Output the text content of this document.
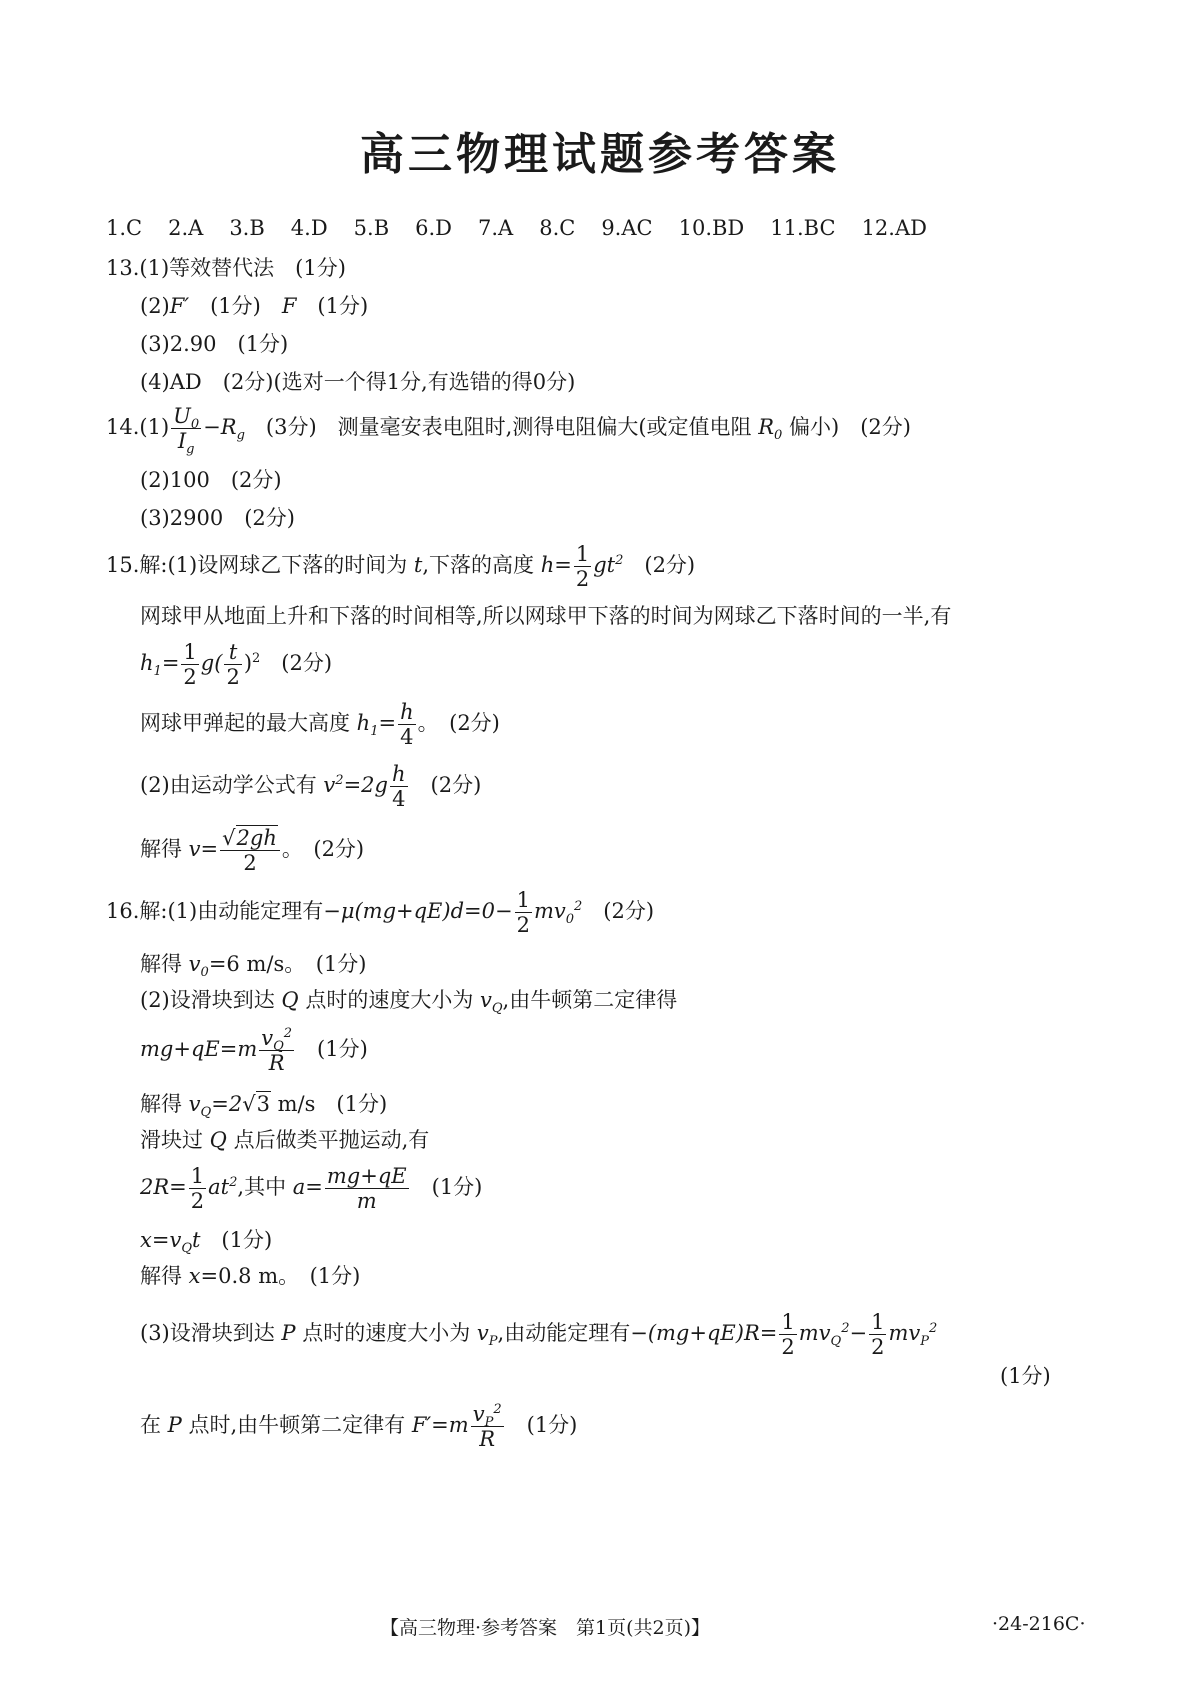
高三物理试题参考答案
1.C 2.A 3.B 4.D 5.B 6.D 7.A 8.C 9.AC 10.BD 11.BC 12.AD
13.(1)等效替代法　(1分)
(2)F′　(1分)　F　(1分)
(3)2.90　(1分)
(4)AD　(2分)(选对一个得1分,有选错的得0分)
$14.(1) \frac{U_0}{I_g} -R_g$　(3分)　测量毫安表电阻时,测得电阻偏大(或定值电阻 $R_0$ 偏小)　(2分)
(2)100　(2分)
(3)2900　(2分)
15.解:(1)设网球乙下落的时间为 t,下落的高度 $h= \frac{1}{2} gt^2$　(2分)
网球甲从地面上升和下落的时间相等,所以网球甲下落的时间为网球乙下落时间的一半,有
$h_1= \frac{1}{2} g( \frac{t}{2} )^2$　(2分)
网球甲弹起的最大高度 $h_1= \frac{h}{4}$ 。　(2分)
(2)由运动学公式有 $v^2=2g \frac{h}{4}$ 　(2分)
解得 $v= \frac{√2gh}{2}$ 。　(2分)
16.解:(1)由动能定理有$-\mu(mg+qE)d=0- \frac{1}{2} mv_0^2$　(2分)
解得 $v_0=6$ m/s。　(1分)
(2)设滑块到达 Q 点时的速度大小为 $v_Q$,由牛顿第二定律得
$mg+qE=m \frac{v_Q^2}{R}$ 　(1分)
解得 $v_Q=2√3$ m/s　(1分)
滑块过 Q 点后做类平抛运动,有
$2R= \frac{1}{2} at^2$,其中 $a= \frac{mg+qE}{m}$ 　(1分)
$x=v_Qt$　(1分)
解得 x=0.8 m。　(1分)
(3)设滑块到达 P 点时的速度大小为 $v_P$,由动能定理有$-(mg+qE)R= \frac{1}{2} mv_Q^2- \frac{1}{2} mv_P^2$
(1分)
在 P 点时,由牛顿第二定律有 $F'=m \frac{v_P^2}{R}$ 　(1分)
【高三物理·参考答案　第1页(共2页)】	·24-216C·
